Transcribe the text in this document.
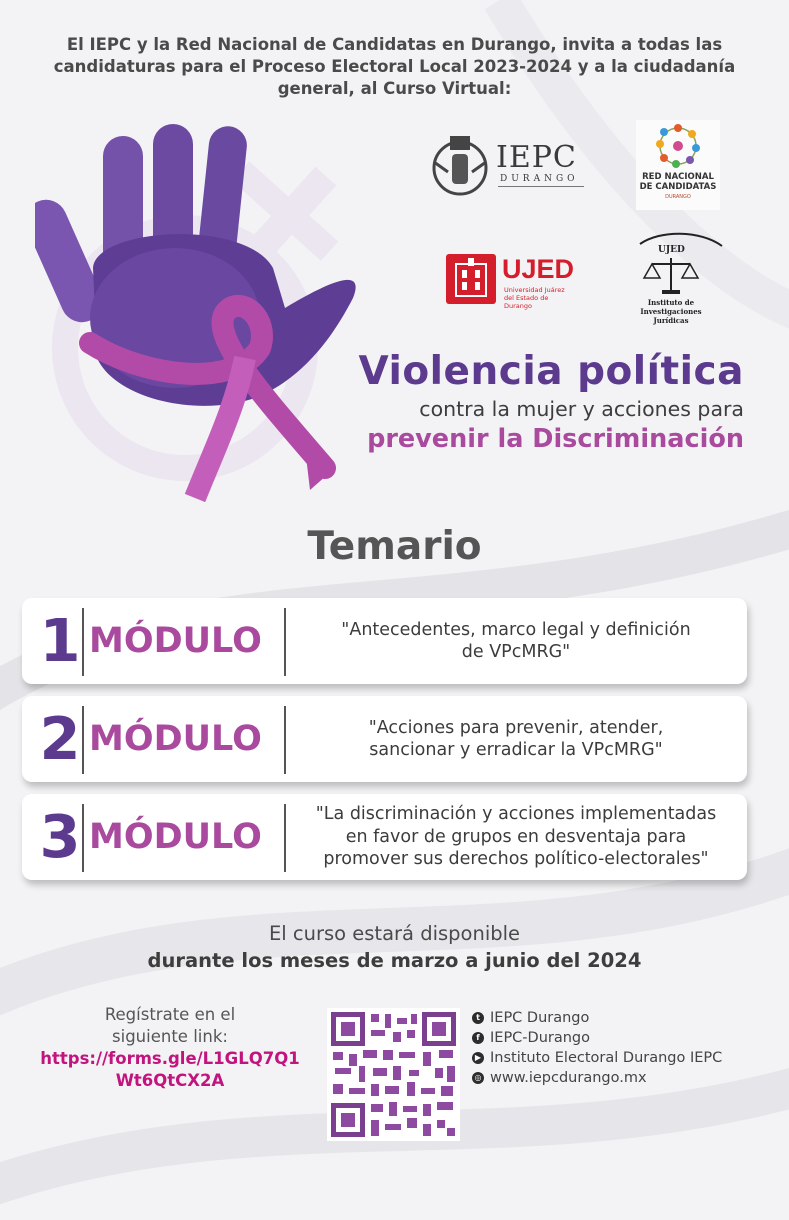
El IEPC y la Red Nacional de Candidatas en Durango, invita a todas las
candidaturas para el Proceso Electoral Local 2023-2024 y a la ciudadanía
general, al Curso Virtual:
IEPC
DURANGO	RED NACIONAL
DE CANDIDATAS
DURANGO
UJED
Universidad Juárez
del Estado de Durango
UJED
Instituto de
Investigaciones
Jurídicas
Violencia política
contra la mujer y acciones para
prevenir la Discriminación
Temario
1 MÓDULO	"Antecedentes, marco legal y definición
de VPcMRG"
2 MÓDULO	"Acciones para prevenir, atender,
sancionar y erradicar la VPcMRG"
3 MÓDULO
"La discriminación y acciones implementadas
en favor de grupos en desventaja para
promover sus derechos político-electorales"
El curso estará disponible
durante los meses de marzo a junio del 2024
Regístrate en el
siguiente link:
https://forms.gle/L1GLQ7Q1
Wt6QtCX2A
t IEPC Durango
f IEPC-Durango
▶ Instituto Electoral Durango IEPC
◎ www.iepcdurango.mx
